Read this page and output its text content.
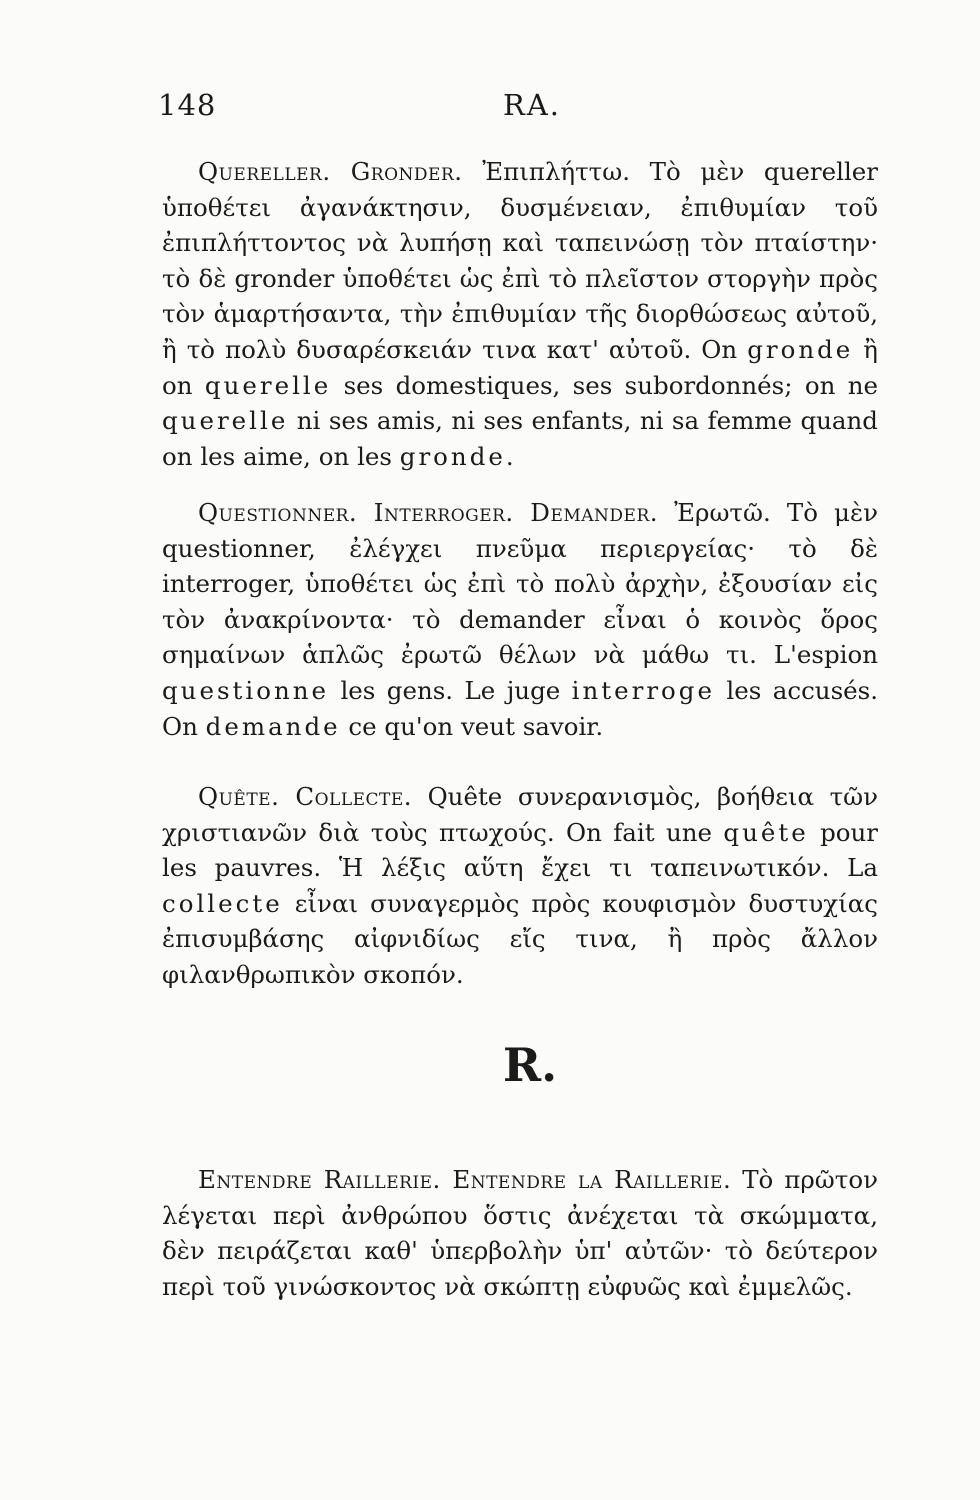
148	RA.

Quereller. Gronder. Ἐπιπλήττω. Τὸ μὲν quereller ὑποθέτει ἀγανάκτησιν, δυσμένειαν, ἐπιθυμίαν τοῦ ἐπιπλήττοντος νὰ λυπήσῃ καὶ ταπεινώσῃ τὸν πταίστην· τὸ δὲ gronder ὑποθέτει ὡς ἐπὶ τὸ πλεῖστον στοργὴν πρὸς τὸν ἁμαρτήσαντα, τὴν ἐπιθυμίαν τῆς διορθώσεως αὐτοῦ, ἢ τὸ πολὺ δυσαρέσκειάν τινα κατ' αὐτοῦ. On gronde ἢ on querelle ses domestiques, ses subordonnés; on ne querelle ni ses amis, ni ses enfants, ni sa femme quand on les aime, on les gronde.

Questionner. Interroger. Demander. Ἐρωτῶ. Τὸ μὲν questionner, ἐλέγχει πνεῦμα περιεργείας· τὸ δὲ interroger, ὑποθέτει ὡς ἐπὶ τὸ πολὺ ἀρχὴν, ἐξουσίαν εἰς τὸν ἀνακρίνοντα· τὸ demander εἶναι ὁ κοινὸς ὅρος σημαίνων ἁπλῶς ἐρωτῶ θέλων νὰ μάθω τι. L'espion questionne les gens. Le juge interroge les accusés. On demande ce qu'on veut savoir.

Quête. Collecte. Quête συνερανισμὸς, βοήθεια τῶν χριστιανῶν διὰ τοὺς πτωχούς. On fait une quête pour les pauvres. Ἡ λέξις αὕτη ἔχει τι ταπεινωτικόν. La collecte εἶναι συναγερμὸς πρὸς κουφισμὸν δυστυχίας ἐπισυμβάσης αἰφνιδίως εἴς τινα, ἢ πρὸς ἄλλον φιλανθρωπικὸν σκοπόν.

R.

Entendre Raillerie. Entendre la Raillerie. Τὸ πρῶτον λέγεται περὶ ἀνθρώπου ὅστις ἀνέχεται τὰ σκώμματα, δὲν πειράζεται καθ' ὑπερβολὴν ὑπ' αὐτῶν· τὸ δεύτερον περὶ τοῦ γινώσκοντος νὰ σκώπτῃ εὐφυῶς καὶ ἐμμελῶς.
